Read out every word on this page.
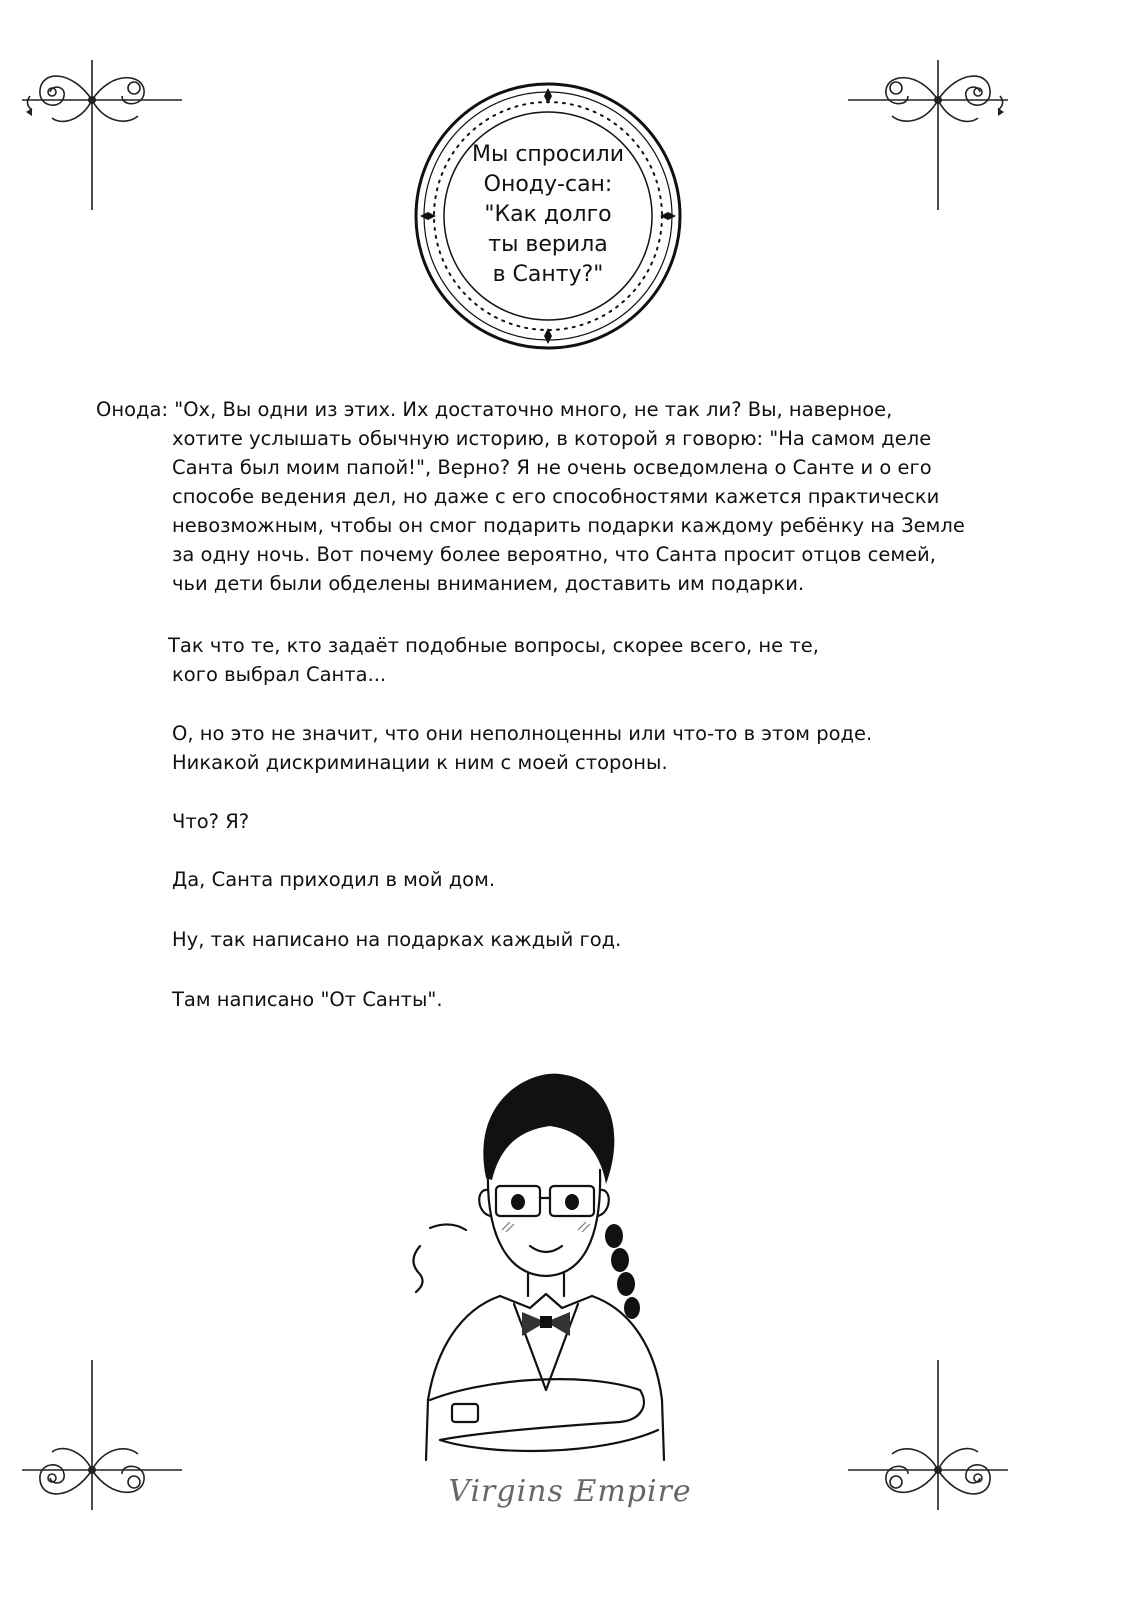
Мы спросили
Оноду-сан:
"Как долго
ты верила
в Санту?"
Онода: "Ох, Вы одни из этих. Их достаточно много, не так ли? Вы, наверное,
хотите услышать обычную историю, в которой я говорю: "На самом деле
Санта был моим папой!", Верно? Я не очень осведомлена о Санте и о его
способе ведения дел, но даже с его способностями кажется практически
невозможным, чтобы он смог подарить подарки каждому ребёнку на Земле
за одну ночь. Вот почему более вероятно, что Санта просит отцов семей,
чьи дети были обделены вниманием, доставить им подарки.
Так что те, кто задаёт подобные вопросы, скорее всего, не те,
кого выбрал Санта...
О, но это не значит, что они неполноценны или что-то в этом роде.
Никакой дискриминации к ним с моей стороны.
Что? Я?
Да, Санта приходил в мой дом.
Ну, так написано на подарках каждый год.
Там написано "От Санты".
Virgins Empire
